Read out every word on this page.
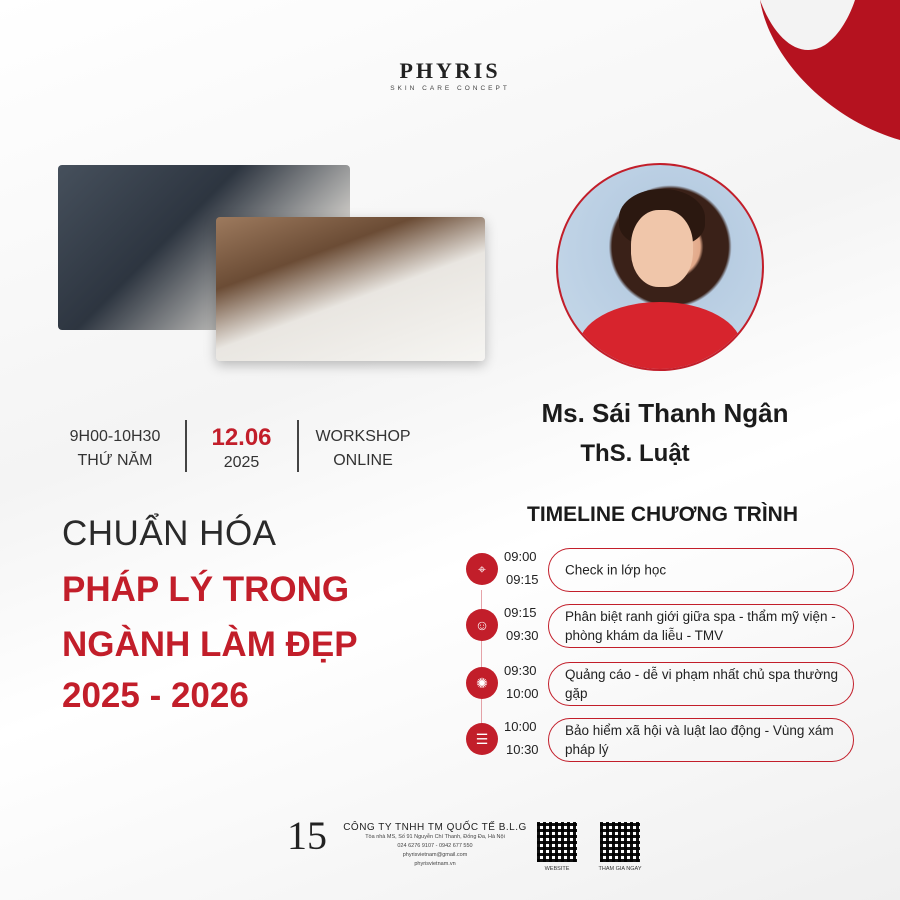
PHYRIS
SKIN CARE CONCEPT
Ms. Sái Thanh Ngân
ThS. Luật
9H00-10H30
THỨ NĂM
12.06
2025
WORKSHOP
ONLINE
CHUẨN HÓA
PHÁP LÝ TRONG
NGÀNH LÀM ĐẸP
2025 - 2026
TIMELINE CHƯƠNG TRÌNH
⌖
09:00
09:15
Check in lớp học
☺
09:15
09:30
Phân biệt ranh giới giữa spa - thẩm mỹ viện - phòng khám da liễu - TMV
✺
09:30
10:00
Quảng cáo - dễ vi phạm nhất chủ spa thường gặp
☰
10:00
10:30
Bảo hiểm xã hội và luật lao động - Vùng xám pháp lý
15	CÔNG TY TNHH TM QUỐC TẾ B.L.G
Tòa nhà MS, Số 91 Nguyễn Chí Thanh, Đống Đa, Hà Nội
024 6276 9107 - 0942 677 550
phyrisvietnam@gmail.com
phyrisvietnam.vn
WEBSITE	THAM GIA NGAY
